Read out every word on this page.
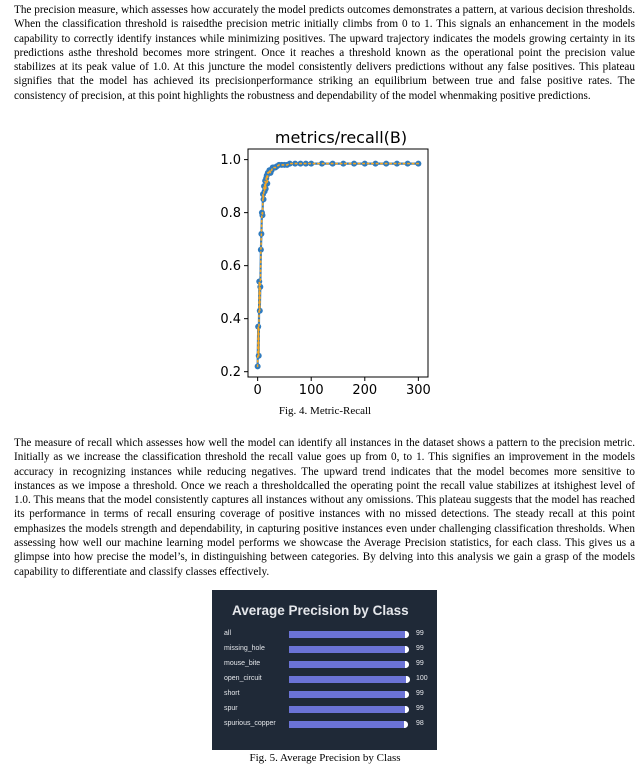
The precision measure, which assesses how accurately the model predicts outcomes demonstrates a pattern, at various decision thresholds. When the classification threshold is raisedthe precision metric initially climbs from 0 to 1. This signals an enhancement in the models capability to correctly identify instances while minimizing positives. The upward trajectory indicates the models growing certainty in its predictions asthe threshold becomes more stringent. Once it reaches a threshold known as the operational point the precision value stabilizes at its peak value of 1.0. At this juncture the model consistently delivers predictions without any false positives. This plateau signifies that the model has achieved its precisionperformance striking an equilibrium between true and false positive rates. The consistency of precision, at this point highlights the robustness and dependability of the model whenmaking positive predictions.

metrics/recall(B)
0	100 200 300
0.2
0.4
0.6
0.8
1.0
Fig. 4. Metric-Recall

The measure of recall which assesses how well the model can identify all instances in the dataset shows a pattern to the precision metric. Initially as we increase the classification threshold the recall value goes up from 0, to 1. This signifies an improvement in the models accuracy in recognizing instances while reducing negatives. The upward trend indicates that the model becomes more sensitive to instances as we impose a threshold. Once we reach a thresholdcalled the operating point the recall value stabilizes at itshighest level of 1.0. This means that the model consistently captures all instances without any omissions. This plateau suggests that the model has reached its performance in terms of recall ensuring coverage of positive instances with no missed detections. The steady recall at this point emphasizes the models strength and dependability, in capturing positive instances even under challenging classification thresholds. When assessing how well our machine learning model performs we showcase the Average Precision statistics, for each class. This gives us a glimpse into how precise the model’s, in distinguishing between categories. By delving into this analysis we gain a grasp of the models capability to differentiate and classify classes effectively.

Average Precision by Class
all	99
missing_hole	99
mouse_bite	99
open_circuit	100
short	99
spur	99
spurious_copper	98
Fig. 5. Average Precision by Class
